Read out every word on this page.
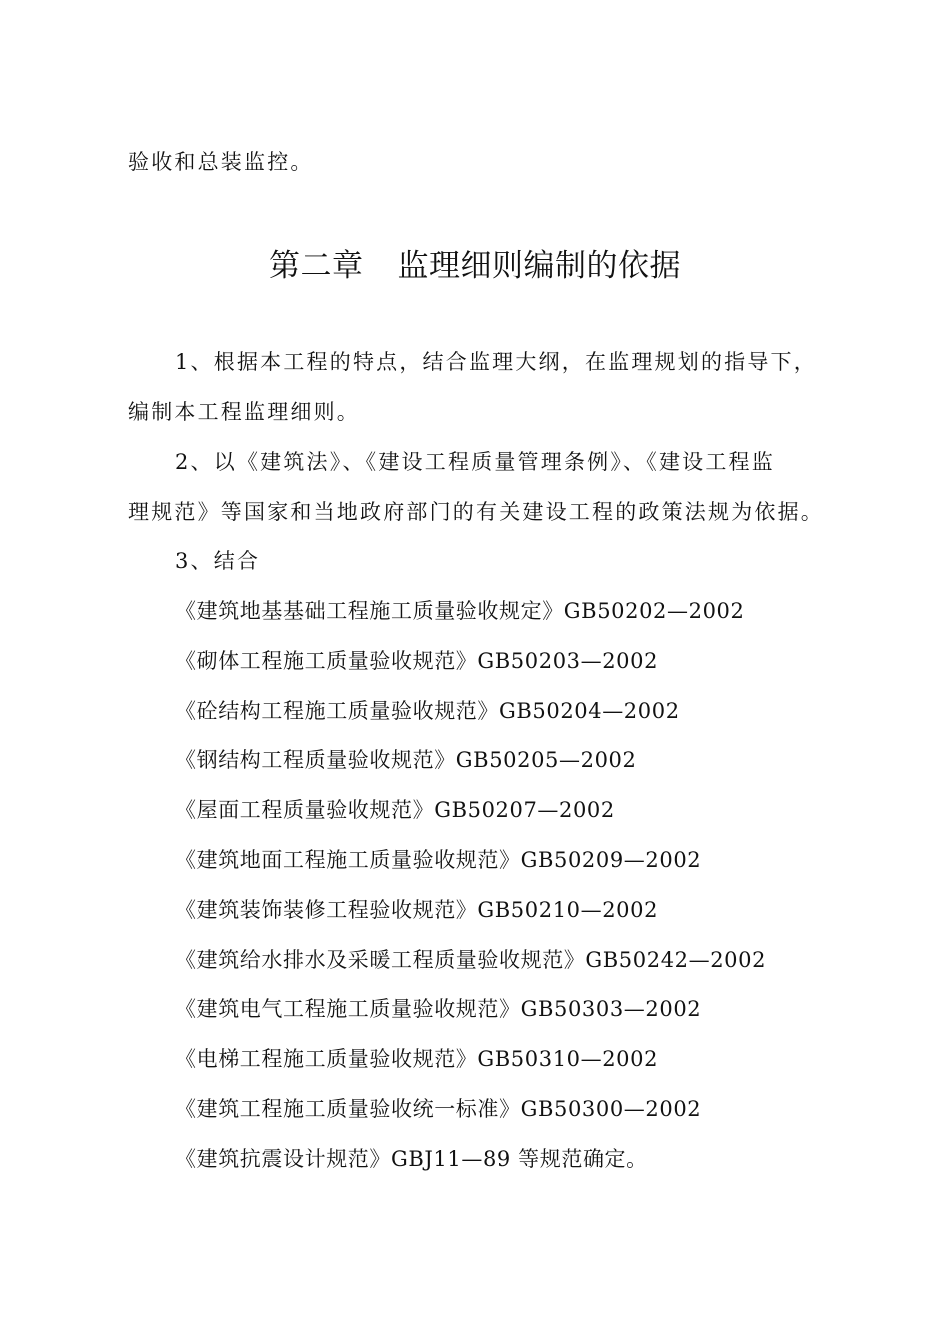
验收和总装监控。
第二章 监理细则编制的依据
1、根据本工程的特点，结合监理大纲，在监理规划的指导下，
编制本工程监理细则。
2、以《建筑法》、《建设工程质量管理条例》、《建设工程监
理规范》等国家和当地政府部门的有关建设工程的政策法规为依据。
3、结合
《建筑地基基础工程施工质量验收规定》GB50202—2002
《砌体工程施工质量验收规范》GB50203—2002
《砼结构工程施工质量验收规范》GB50204—2002
《钢结构工程质量验收规范》GB50205—2002
《屋面工程质量验收规范》GB50207—2002
《建筑地面工程施工质量验收规范》GB50209—2002
《建筑装饰装修工程验收规范》GB50210—2002
《建筑给水排水及采暖工程质量验收规范》GB50242—2002
《建筑电气工程施工质量验收规范》GB50303—2002
《电梯工程施工质量验收规范》GB50310—2002
《建筑工程施工质量验收统一标准》GB50300—2002
《建筑抗震设计规范》GBJ11—89 等规范确定。
